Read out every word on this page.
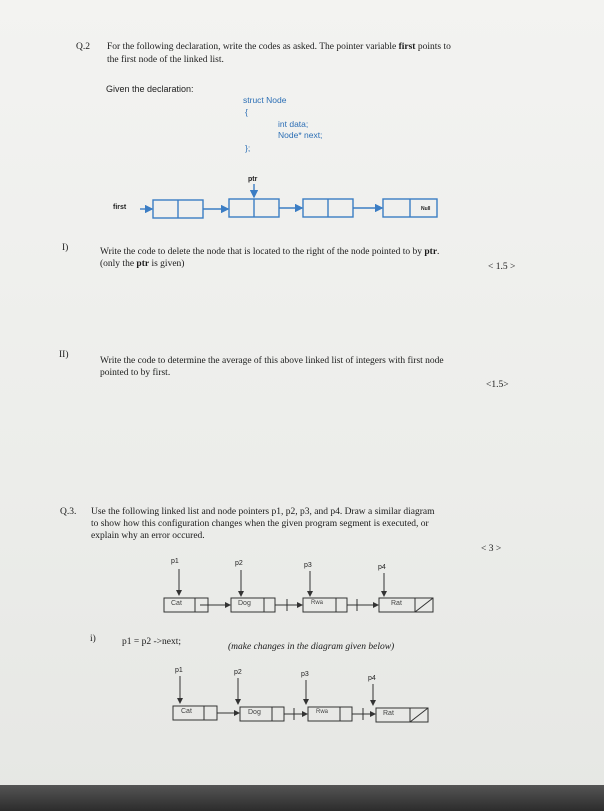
Q.2 For the following declaration, write the codes as asked. The pointer variable first points to
the first node of the linked list.
Given the declaration:
struct Node
{
int data;
Node* next;
};
ptr
first	Null
I)	Write the code to delete the node that is located to the right of the node pointed to by ptr.
(only the ptr is given)	< 1.5 >
II)
Write the code to determine the average of this above linked list of integers with first node
pointed to by first.
<1.5>
Q.3. Use the following linked list and node pointers p1, p2, p3, and p4. Draw a similar diagram
to show how this configuration changes when the given program segment is executed, or
explain why an error occured.
< 3 >
p1	p2	p3	p4
Cat	Dog	Rwa	Rat
i)	p1 = p2 ->next;	(make changes in the diagram given below)
p1	p2	p3
p4
Cat	Dog	Rwa	Rat
